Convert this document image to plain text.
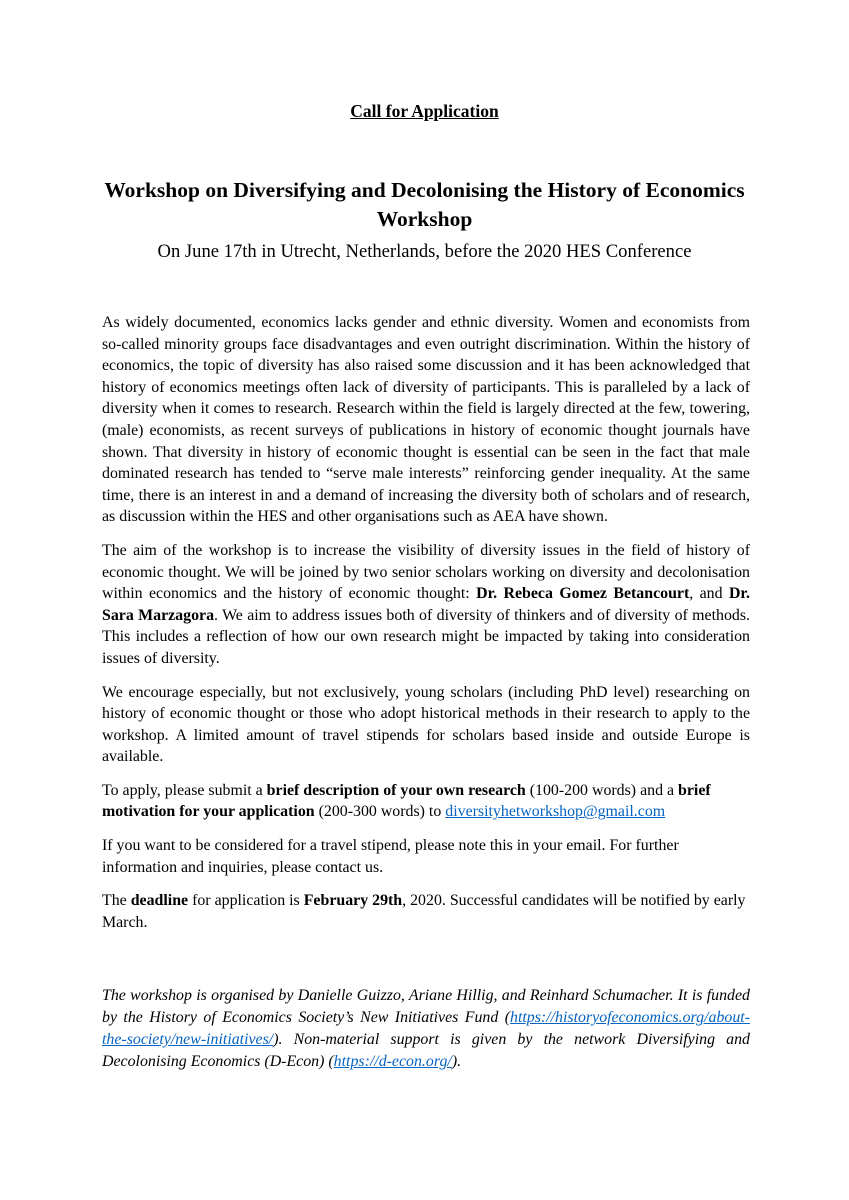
Call for Application
Workshop on Diversifying and Decolonising the History of Economics Workshop
On June 17th in Utrecht, Netherlands, before the 2020 HES Conference

As widely documented, economics lacks gender and ethnic diversity. Women and economists from so-called minority groups face disadvantages and even outright discrimination. Within the history of economics, the topic of diversity has also raised some discussion and it has been acknowledged that history of economics meetings often lack of diversity of participants. This is paralleled by a lack of diversity when it comes to research. Research within the field is largely directed at the few, towering, (male) economists, as recent surveys of publications in history of economic thought journals have shown. That diversity in history of economic thought is essential can be seen in the fact that male dominated research has tended to “serve male interests” reinforcing gender inequality. At the same time, there is an interest in and a demand of increasing the diversity both of scholars and of research, as discussion within the HES and other organisations such as AEA have shown.

The aim of the workshop is to increase the visibility of diversity issues in the field of history of economic thought. We will be joined by two senior scholars working on diversity and decolonisation within economics and the history of economic thought: Dr. Rebeca Gomez Betancourt, and Dr. Sara Marzagora. We aim to address issues both of diversity of thinkers and of diversity of methods. This includes a reflection of how our own research might be impacted by taking into consideration issues of diversity.

We encourage especially, but not exclusively, young scholars (including PhD level) researching on history of economic thought or those who adopt historical methods in their research to apply to the workshop. A limited amount of travel stipends for scholars based inside and outside Europe is available.

To apply, please submit a brief description of your own research (100-200 words) and a brief motivation for your application (200-300 words) to diversityhetworkshop@gmail.com

If you want to be considered for a travel stipend, please note this in your email. For further information and inquiries, please contact us.

The deadline for application is February 29th, 2020. Successful candidates will be notified by early March.

The workshop is organised by Danielle Guizzo, Ariane Hillig, and Reinhard Schumacher. It is funded by the History of Economics Society’s New Initiatives Fund (https://historyofeconomics.org/about-the-society/new-initiatives/). Non-material support is given by the network Diversifying and Decolonising Economics (D-Econ) (https://d-econ.org/).
